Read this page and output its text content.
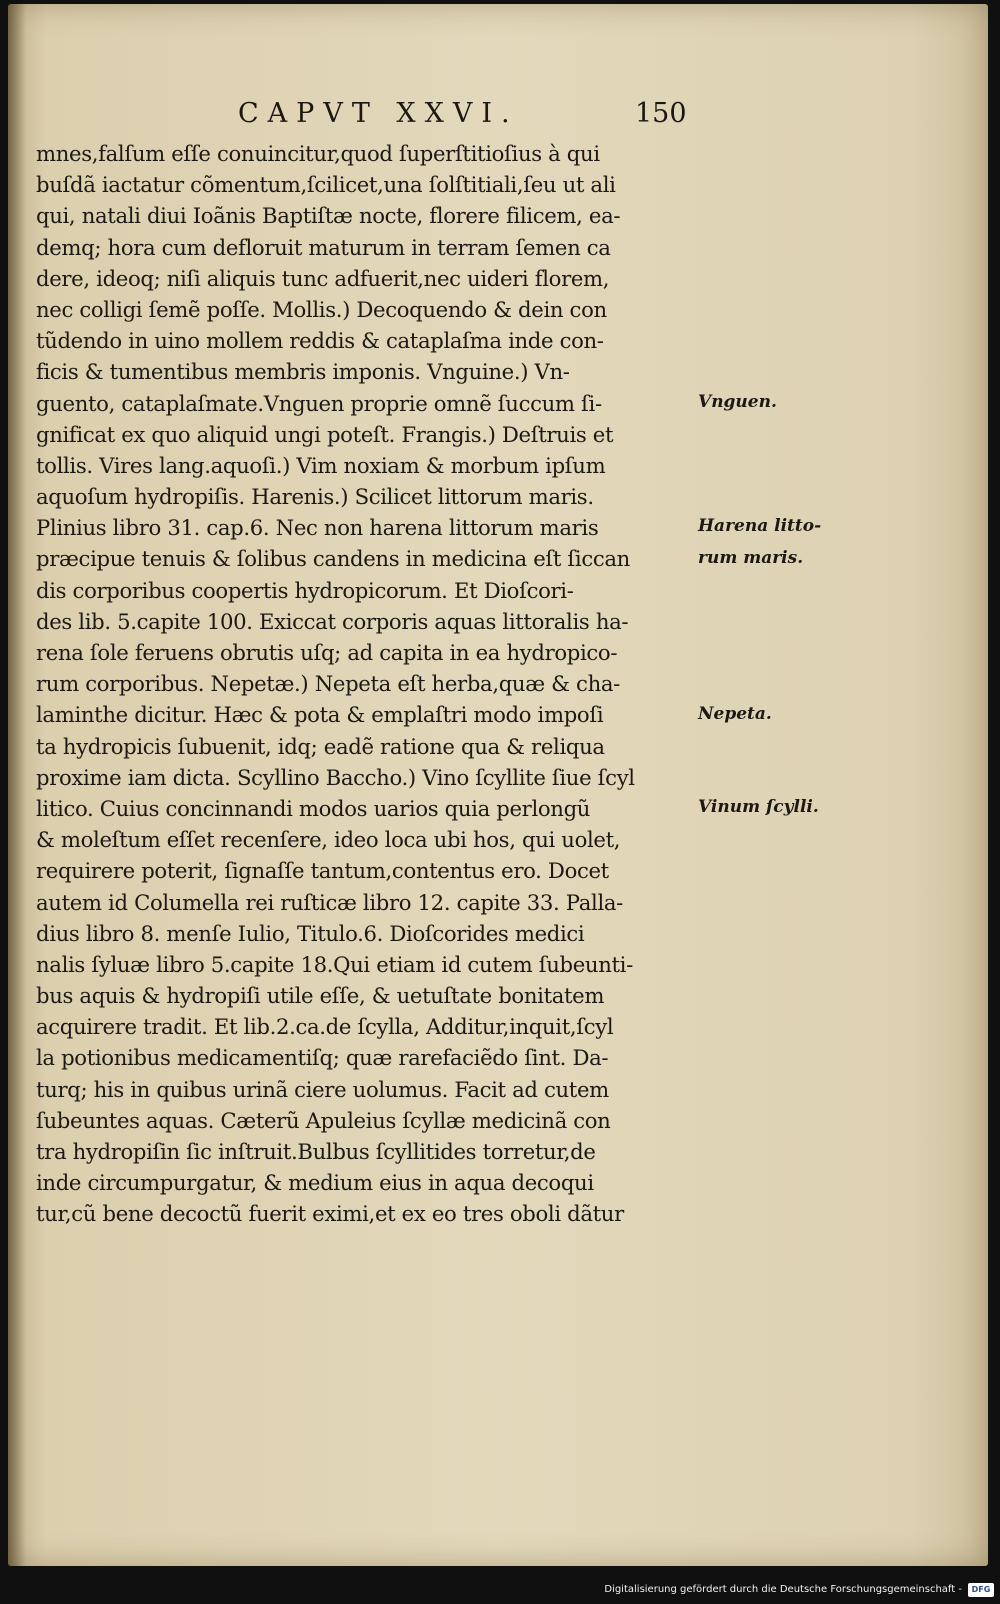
CAPVT XXVI.	150
mnes,falſum eſſe conuincitur,quod ſuperſtitioſius à qui
buſdã iactatur cõmentum,ſcilicet,una ſolſtitiali,ſeu ut ali
qui, natali diui Ioãnis Baptiſtæ nocte, florere filicem, ea-
demq; hora cum defloruit maturum in terram ſemen ca
dere, ideoq; niſi aliquis tunc adfuerit,nec uideri florem,
nec colligi ſemẽ poſſe. Mollis.) Decoquendo & dein con
tũdendo in uino mollem reddis & cataplaſma inde con-
ficis & tumentibus membris imponis. Vnguine.) Vn-
guento, cataplaſmate.Vnguen proprie omnẽ ſuccum ſi-
gnificat ex quo aliquid ungi poteſt. Frangis.) Deſtruis et
tollis. Vires lang.aquoſi.) Vim noxiam & morbum ipſum
aquoſum hydropiſis. Harenis.) Scilicet littorum maris.
Plinius libro 31. cap.6. Nec non harena littorum maris
præcipue tenuis & ſolibus candens in medicina eſt ſiccan
dis corporibus coopertis hydropicorum. Et Dioſcori-
des lib. 5.capite 100. Exiccat corporis aquas littoralis ha-
rena ſole feruens obrutis uſq; ad capita in ea hydropico-
rum corporibus. Nepetæ.) Nepeta eſt herba,quæ & cha-
laminthe dicitur. Hæc & pota & emplaſtri modo impoſi
ta hydropicis ſubuenit, idq; eadẽ ratione qua & reliqua
proxime iam dicta. Scyllino Baccho.) Vino ſcyllite ſiue ſcyl
litico. Cuius concinnandi modos uarios quia perlongũ
& moleſtum eſſet recenſere, ideo loca ubi hos, qui uolet,
requirere poterit, ſignaſſe tantum,contentus ero. Docet
autem id Columella rei ruſticæ libro 12. capite 33. Palla-
dius libro 8. menſe Iulio, Titulo.6. Dioſcorides medici
nalis ſyluæ libro 5.capite 18.Qui etiam id cutem ſubeunti-
bus aquis & hydropiſi utile eſſe, & uetuſtate bonitatem
acquirere tradit. Et lib.2.ca.de ſcylla, Additur,inquit,ſcyl
la potionibus medicamentiſq; quæ rarefaciẽdo ſint. Da-
turq; his in quibus urinã ciere uolumus. Facit ad cutem
ſubeuntes aquas. Cæterũ Apuleius ſcyllæ medicinã con
tra hydropiſin ſic inſtruit.Bulbus ſcyllitides torretur,de
inde circumpurgatur, & medium eius in aqua decoqui
tur,cũ bene decoctũ fuerit eximi,et ex eo tres oboli dãtur
Vnguen.
Harena litto-
rum maris.
Nepeta.
Vinum ſcylli.
Digitalisierung gefördert durch die Deutsche Forschungsgemeinschaft -	DFG
